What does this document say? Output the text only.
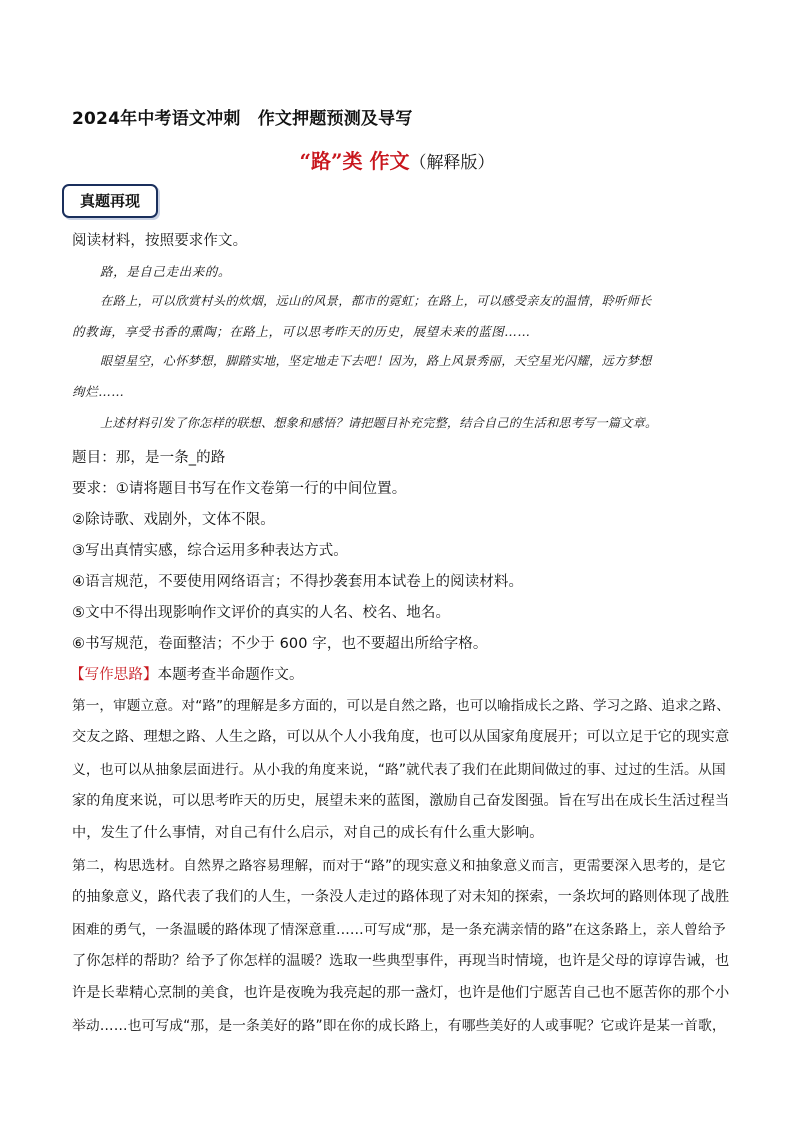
2024年中考语文冲刺　作文押题预测及导写
“路”类 作文（解释版）
真题再现
阅读材料，按照要求作文。
路，是自己走出来的。
在路上，可以欣赏村头的炊烟，远山的风景，都市的霓虹；在路上，可以感受亲友的温情，聆听师长
的教诲，享受书香的熏陶；在路上，可以思考昨天的历史，展望未来的蓝图……
眼望星空，心怀梦想，脚踏实地，坚定地走下去吧！因为，路上风景秀丽，天空星光闪耀，远方梦想
绚烂……
上述材料引发了你怎样的联想、想象和感悟？请把题目补充完整，结合自己的生活和思考写一篇文章。
题目：那，是一条_的路
要求：①请将题目书写在作文卷第一行的中间位置。
②除诗歌、戏剧外，文体不限。
③写出真情实感，综合运用多种表达方式。
④语言规范，不要使用网络语言；不得抄袭套用本试卷上的阅读材料。
⑤文中不得出现影响作文评价的真实的人名、校名、地名。
⑥书写规范，卷面整洁；不少于 600 字，也不要超出所给字格。
【写作思路】本题考查半命题作文。
第一，审题立意。对“路”的理解是多方面的，可以是自然之路，也可以喻指成长之路、学习之路、追求之路、
交友之路、理想之路、人生之路，可以从个人小我角度，也可以从国家角度展开；可以立足于它的现实意
义，也可以从抽象层面进行。从小我的角度来说，“路”就代表了我们在此期间做过的事、过过的生活。从国
家的角度来说，可以思考昨天的历史，展望未来的蓝图，激励自己奋发图强。旨在写出在成长生活过程当
中，发生了什么事情，对自己有什么启示，对自己的成长有什么重大影响。
第二，构思选材。自然界之路容易理解，而对于“路”的现实意义和抽象意义而言，更需要深入思考的，是它
的抽象意义，路代表了我们的人生，一条没人走过的路体现了对未知的探索，一条坎坷的路则体现了战胜
困难的勇气，一条温暖的路体现了情深意重……可写成“那，是一条充满亲情的路”在这条路上，亲人曾给予
了你怎样的帮助？给予了你怎样的温暖？选取一些典型事件，再现当时情境，也许是父母的谆谆告诫，也
许是长辈精心烹制的美食，也许是夜晚为我亮起的那一盏灯，也许是他们宁愿苦自己也不愿苦你的那个小
举动……也可写成“那，是一条美好的路”即在你的成长路上，有哪些美好的人或事呢？它或许是某一首歌，
